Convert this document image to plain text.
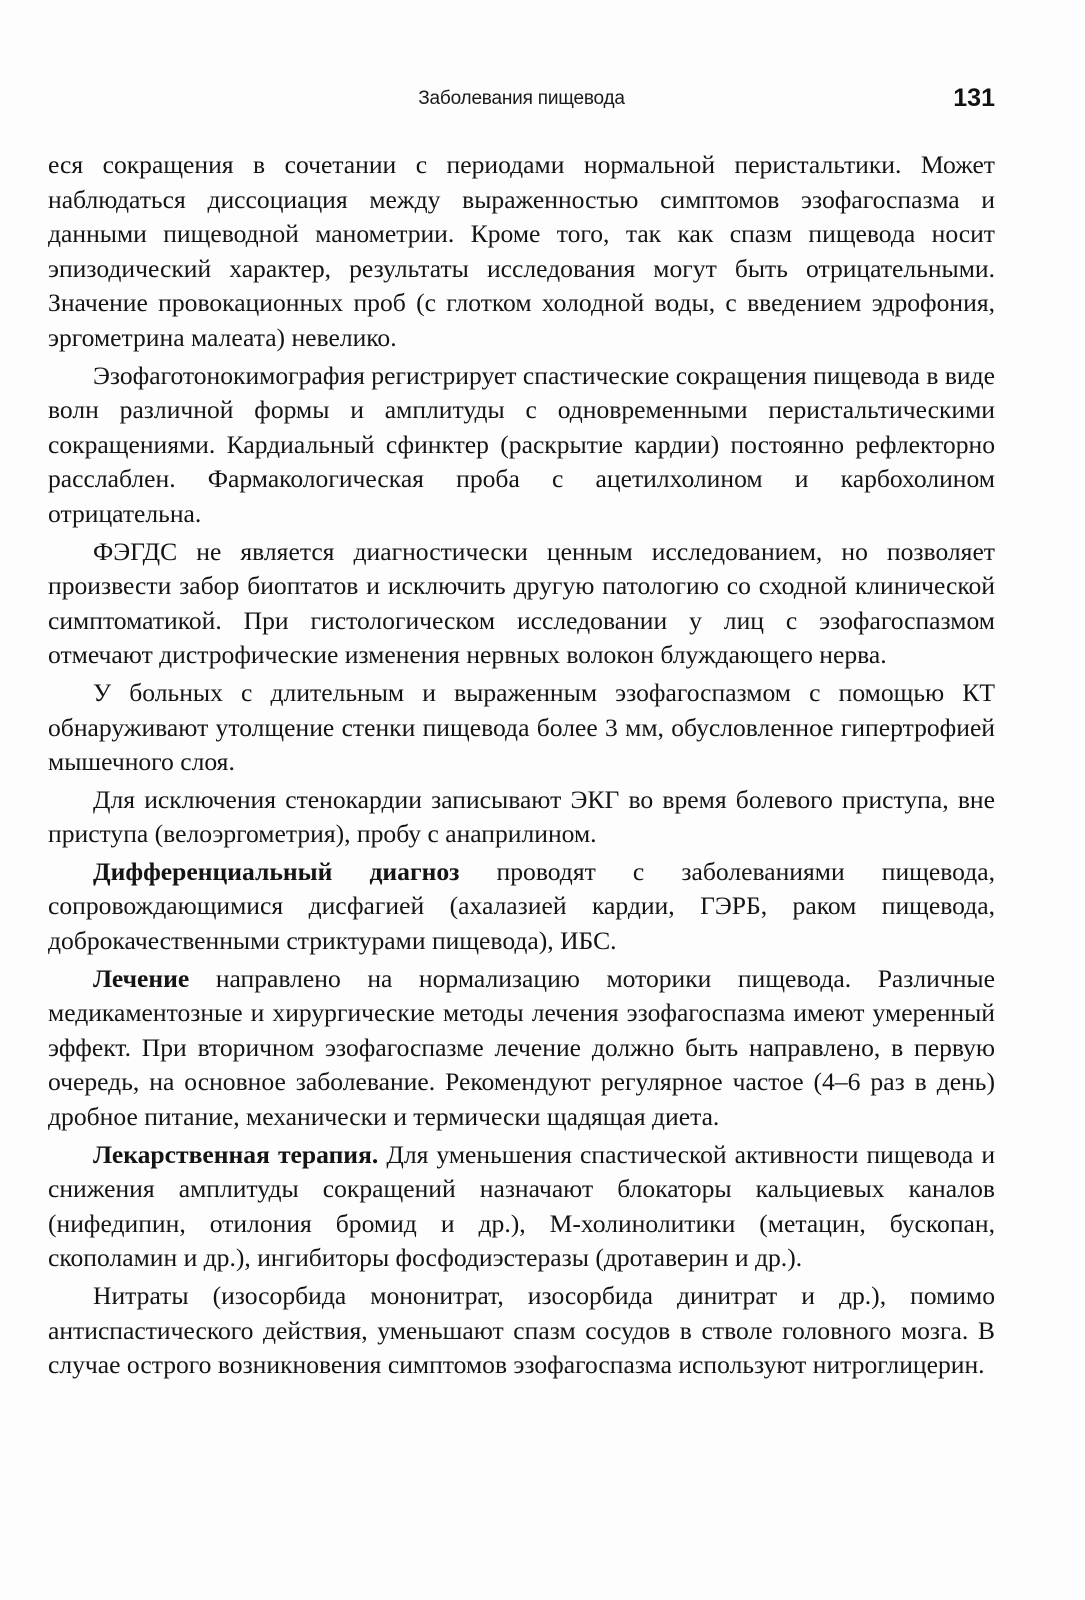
Заболевания пищевода	131

еся сокращения в сочетании с периодами нормальной перистальтики. Может наблюдаться диссоциация между выраженностью симптомов эзофагоспазма и данными пищеводной манометрии. Кроме того, так как спазм пищевода носит эпизодический характер, результаты исследования могут быть отрицательными. Значение провокационных проб (с глотком холодной воды, с введением эдрофония, эргометрина малеата) невелико.

Эзофаготонокимография регистрирует спастические сокращения пищевода в виде волн различной формы и амплитуды с одновременными перистальтическими сокращениями. Кардиальный сфинктер (раскрытие кардии) постоянно рефлекторно расслаблен. Фармакологическая проба с ацетилхолином и карбохолином отрицательна.

ФЭГДС не является диагностически ценным исследованием, но позволяет произвести забор биоптатов и исключить другую патологию со сходной клинической симптоматикой. При гистологическом исследовании у лиц с эзофагоспазмом отмечают дистрофические изменения нервных волокон блуждающего нерва.

У больных с длительным и выраженным эзофагоспазмом с помощью КТ обнаруживают утолщение стенки пищевода более 3 мм, обусловленное гипертрофией мышечного слоя.

Для исключения стенокардии записывают ЭКГ во время болевого приступа, вне приступа (велоэргометрия), пробу с анаприлином.

Дифференциальный диагноз проводят с заболеваниями пищевода, сопровождающимися дисфагией (ахалазией кардии, ГЭРБ, раком пищевода, доброкачественными стриктурами пищевода), ИБС.

Лечение направлено на нормализацию моторики пищевода. Различные медикаментозные и хирургические методы лечения эзофагоспазма имеют умеренный эффект. При вторичном эзофагоспазме лечение должно быть направлено, в первую очередь, на основное заболевание. Рекомендуют регулярное частое (4–6 раз в день) дробное питание, механически и термически щадящая диета.

Лекарственная терапия. Для уменьшения спастической активности пищевода и снижения амплитуды сокращений назначают блокаторы кальциевых каналов (нифедипин, отилония бромид и др.), М-холинолитики (метацин, бускопан, скополамин и др.), ингибиторы фосфодиэстеразы (дротаверин и др.).

Нитраты (изосорбида мононитрат, изосорбида динитрат и др.), помимо антиспастического действия, уменьшают спазм сосудов в стволе головного мозга. В случае острого возникновения симптомов эзофагоспазма используют нитроглицерин.
